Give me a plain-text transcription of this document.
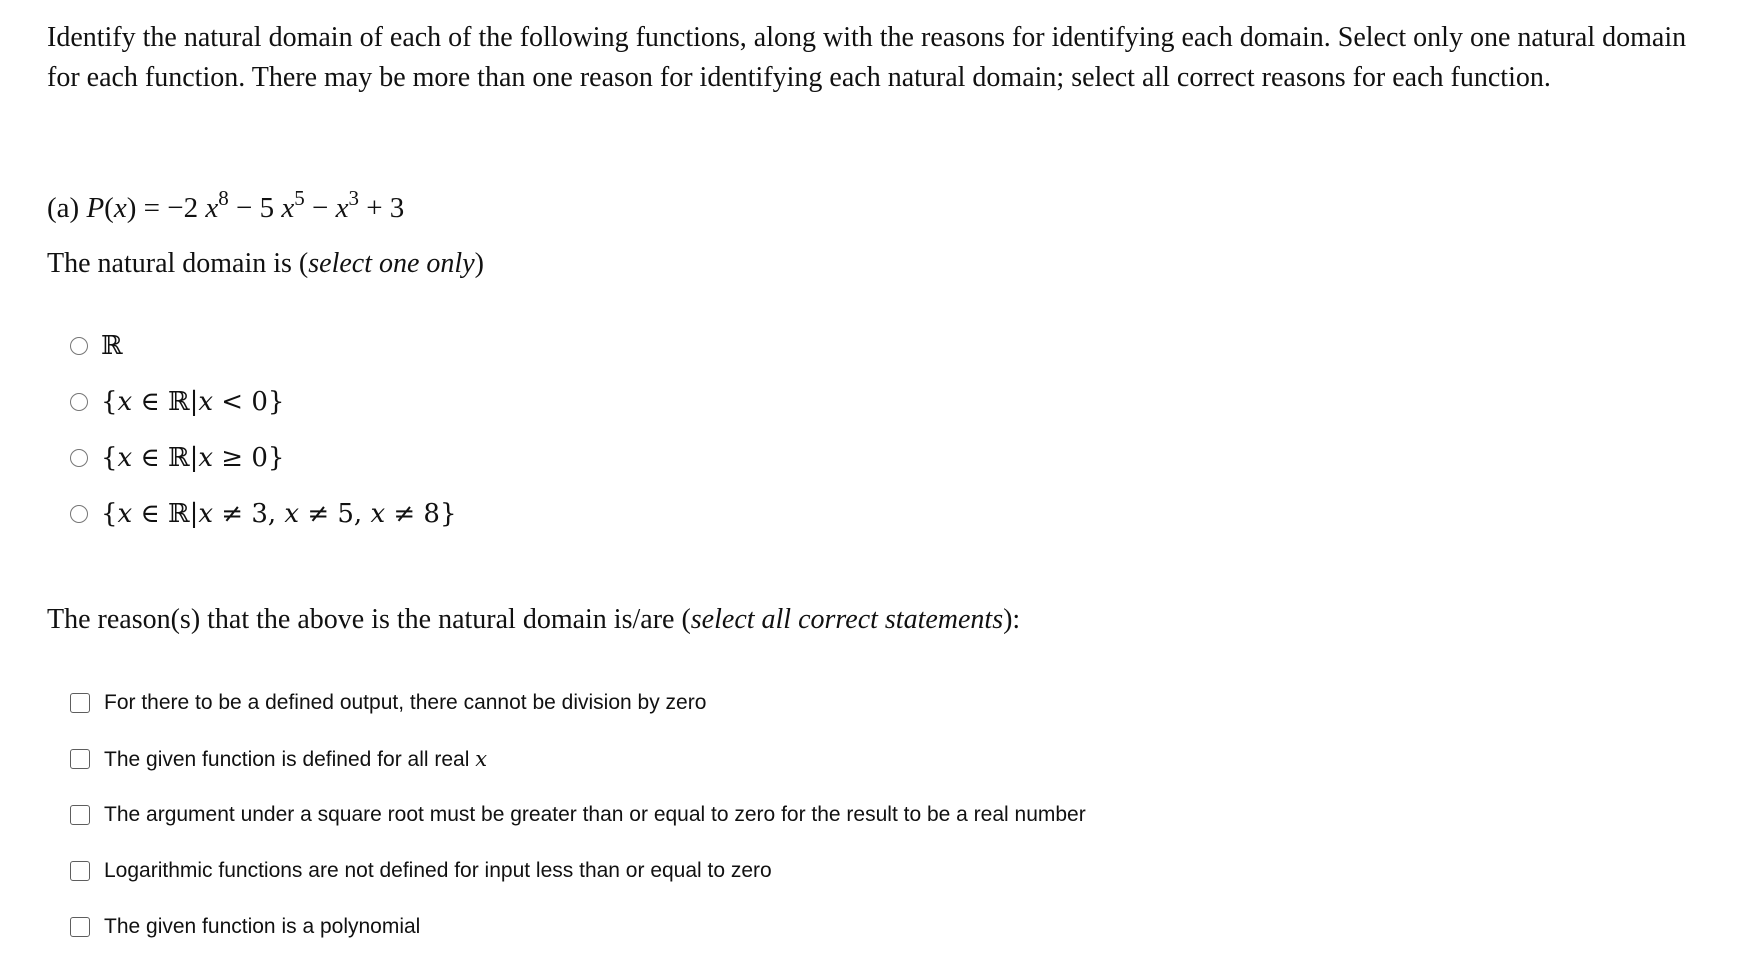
Identify the natural domain of each of the following functions, along with the reasons for identifying each domain. Select only one natural domain for each function. There may be more than one reason for identifying each natural domain; select all correct reasons for each function.

(a) P(x) = −2 $x^8 - 5$ $x^5 - x^3 + 3$
The natural domain is (select one only)
ℝ
{𝑥 ∈ ℝ|𝑥 < 0}
{𝑥 ∈ ℝ|𝑥 ≥ 0}
{𝑥 ∈ ℝ|𝑥 ≠ 3, 𝑥 ≠ 5, 𝑥 ≠ 8}
The reason(s) that the above is the natural domain is/are (select all correct statements):
For there to be a defined output, there cannot be division by zero
The given function is defined for all real 𝑥
The argument under a square root must be greater than or equal to zero for the result to be a real number
Logarithmic functions are not defined for input less than or equal to zero
The given function is a polynomial
